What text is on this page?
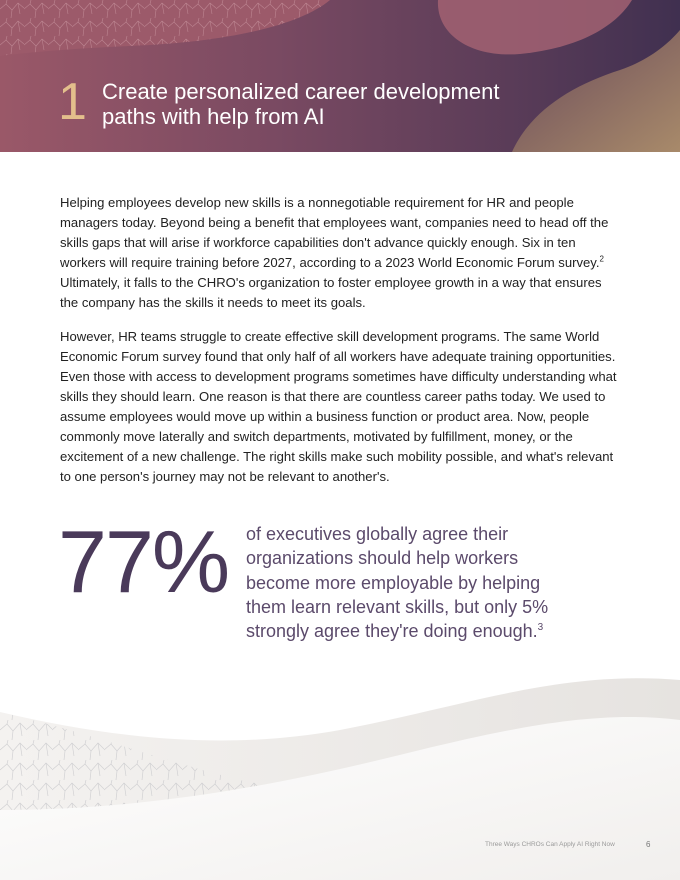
1 Create personalized career development paths with help from AI

Helping employees develop new skills is a nonnegotiable requirement for HR and people managers today. Beyond being a benefit that employees want, companies need to head off the skills gaps that will arise if workforce capabilities don't advance quickly enough. Six in ten workers will require training before 2027, according to a 2023 World Economic Forum survey.$^2$ Ultimately, it falls to the CHRO's organization to foster employee growth in a way that ensures the company has the skills it needs to meet its goals.

However, HR teams struggle to create effective skill development programs. The same World Economic Forum survey found that only half of all workers have adequate training opportunities. Even those with access to development programs sometimes have difficulty understanding what skills they should learn. One reason is that there are countless career paths today. We used to assume employees would move up within a business function or product area. Now, people commonly move laterally and switch departments, motivated by fulfillment, money, or the excitement of a new challenge. The right skills make such mobility possible, and what's relevant to one person's journey may not be relevant to another's.

77% of executives globally agree their organizations should help workers become more employable by helping them learn relevant skills, but only 5% strongly agree they're doing enough.$^3$

Three Ways CHROs Can Apply AI Right Now	6
